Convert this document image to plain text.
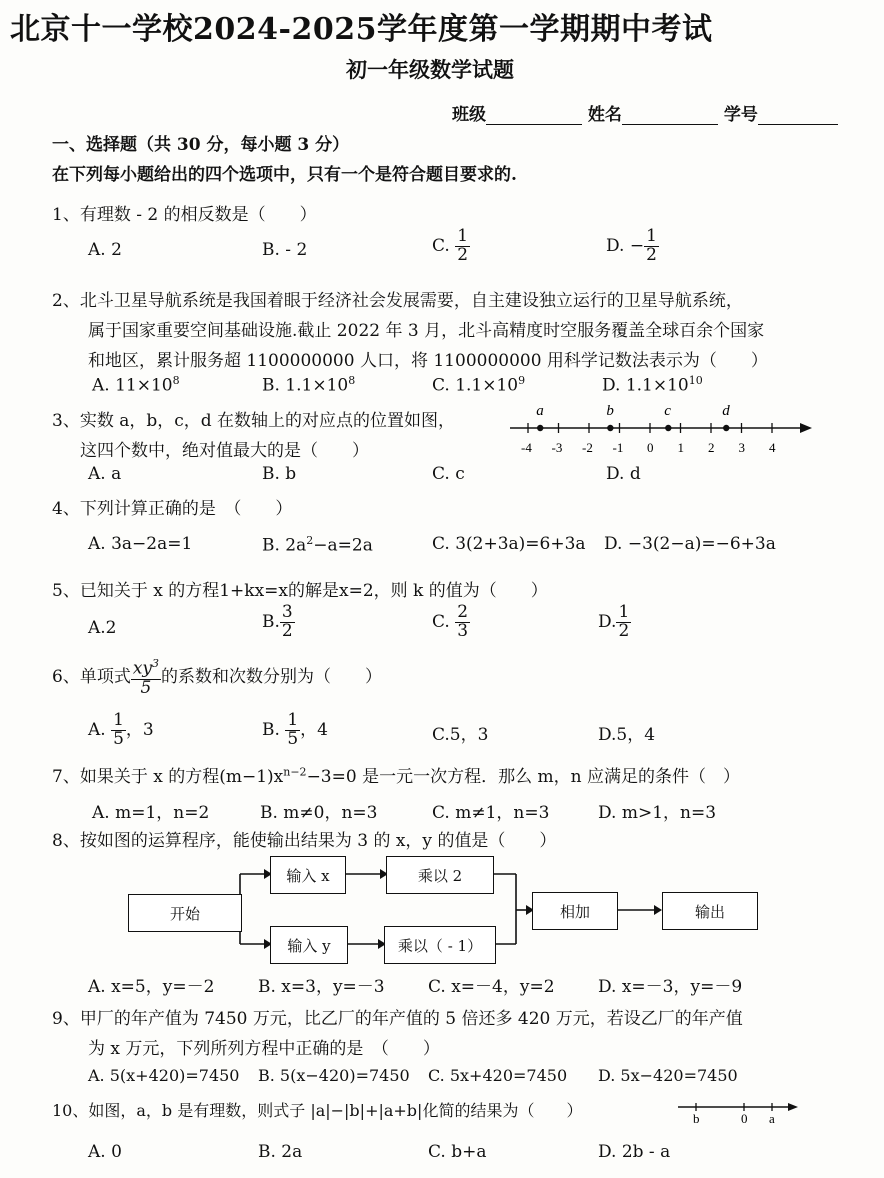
北京十一学校2024-2025学年度第一学期期中考试
初一年级数学试题
班级	姓名	学号
一、选择题（共 30 分，每小题 3 分）
在下列每小题给出的四个选项中，只有一个是符合题目要求的.
1、有理数 - 2 的相反数是（　　）
A. 2	B. - 2	C. $\frac{1}{2}$	D. − $\frac{1}{2}$
2、北斗卫星导航系统是我国着眼于经济社会发展需要，自主建设独立运行的卫星导航系统，
属于国家重要空间基础设施.截止 2022 年 3 月，北斗高精度时空服务覆盖全球百余个国家
和地区，累计服务超 1100000000 人口，将 1100000000 用科学记数法表示为（　　）
A. $11\times 10^8$	B. $1.1\times 10^8$	C. $1.1\times 10^9$	D. $1.1\times 10^{10}$
3、实数 a，b，c，d 在数轴上的对应点的位置如图，
这四个数中，绝对值最大的是（　　）	-4 -3 -2 -1 0 1 2 3 4
a	b	c	d
A. a	B. b	C. c	D. d
4、下列计算正确的是　（　　）
A. 3a−2a=1	B. $2a^2-a=2a$	C. 3(2+3a)=6+3a D. −3(2−a)=−6+3a
5、已知关于 x 的方程1+kx=x的解是x=2，则 k 的值为（　　）
A.2	B. $\frac{3}{2}$	C. $\frac{2}{3}$	D. $\frac{1}{2}$
6、单项式 $\frac{xy^3}{5}$ 的系数和次数分别为（　　）
A. $\frac{1}{5}$ ，3	B. $\frac{1}{5}$ ，4	C.5，3	D.5，4
7、如果关于 x 的方程$(m-1)x^{n-2}-3=0$ 是一元一次方程．那么 m，n 应满足的条件（　）
A. m=1，n=2	B. m≠0，n=3	C. m≠1，n=3	D. m>1，n=3
8、按如图的运算程序，能使输出结果为 3 的 x，y 的值是（　　）
开始
输入 x	乘以 2
输入 y	乘以（ - 1）
相加	输出
A. x=5，y=－2	B. x=3，y=－3	C. x=－4，y=2	D. x=－3，y=－9
9、甲厂的年产值为 7450 万元，比乙厂的年产值的 5 倍还多 420 万元，若设乙厂的年产值
为 x 万元，下列所列方程中正确的是　（　　）
A. 5(x+420)=7450 B. 5(x−420)=7450 C. 5x+420=7450 D. 5x−420=7450
10、如图，a，b 是有理数，则式子 |a|−|b|+|a+b|化简的结果为（　　）	b	0 a
A. 0	B. 2a	C. b+a	D. 2b - a
